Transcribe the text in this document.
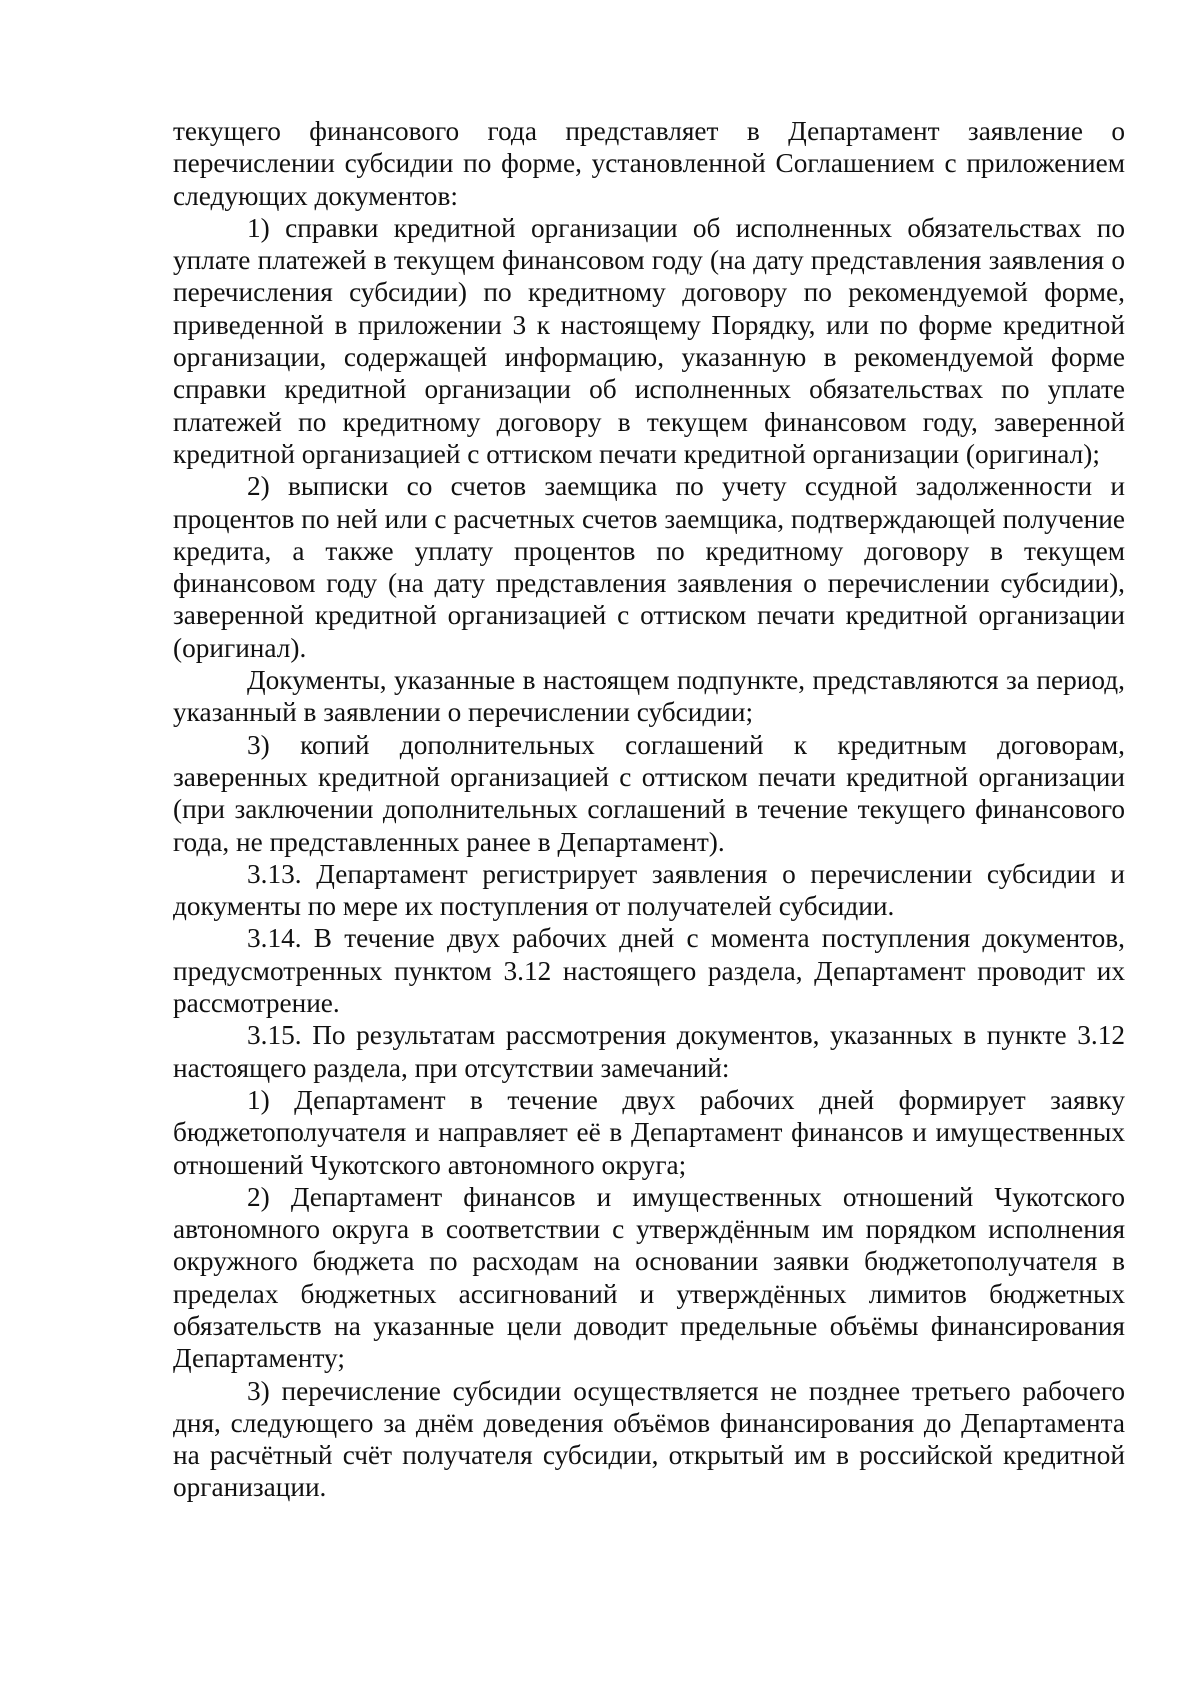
текущего финансового года представляет в Департамент заявление о перечислении субсидии по форме, установленной Соглашением с приложением следующих документов:

1) справки кредитной организации об исполненных обязательствах по уплате платежей в текущем финансовом году (на дату представления заявления о перечисления субсидии) по кредитному договору по рекомендуемой форме, приведенной в приложении 3 к настоящему Порядку, или по форме кредитной организации, содержащей информацию, указанную в рекомендуемой форме справки кредитной организации об исполненных обязательствах по уплате платежей по кредитному договору в текущем финансовом году, заверенной кредитной организацией с оттиском печати кредитной организации (оригинал);

2) выписки со счетов заемщика по учету ссудной задолженности и процентов по ней или с расчетных счетов заемщика, подтверждающей получение кредита, а также уплату процентов по кредитному договору в текущем финансовом году (на дату представления заявления о перечислении субсидии), заверенной кредитной организацией с оттиском печати кредитной организации (оригинал).

Документы, указанные в настоящем подпункте, представляются за период, указанный в заявлении о перечислении субсидии;

3) копий дополнительных соглашений к кредитным договорам, заверенных кредитной организацией с оттиском печати кредитной организации (при заключении дополнительных соглашений в течение текущего финансового года, не представленных ранее в Департамент).

3.13. Департамент регистрирует заявления о перечислении субсидии и документы по мере их поступления от получателей субсидии.

3.14. В течение двух рабочих дней с момента поступления документов, предусмотренных пунктом 3.12 настоящего раздела, Департамент проводит их рассмотрение.

3.15. По результатам рассмотрения документов, указанных в пункте 3.12 настоящего раздела, при отсутствии замечаний:

1) Департамент в течение двух рабочих дней формирует заявку бюджетополучателя и направляет её в Департамент финансов и имущественных отношений Чукотского автономного округа;

2) Департамент финансов и имущественных отношений Чукотского автономного округа в соответствии с утверждённым им порядком исполнения окружного бюджета по расходам на основании заявки бюджетополучателя в пределах бюджетных ассигнований и утверждённых лимитов бюджетных обязательств на указанные цели доводит предельные объёмы финансирования Департаменту;

3) перечисление субсидии осуществляется не позднее третьего рабочего дня, следующего за днём доведения объёмов финансирования до Департамента на расчётный счёт получателя субсидии, открытый им в российской кредитной организации.
